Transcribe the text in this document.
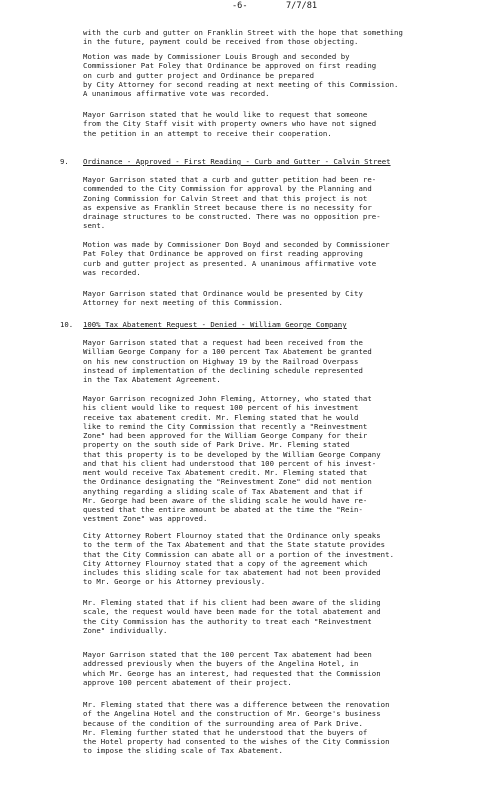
-6-	7/7/81
with the curb and gutter on Franklin Street with the hope that something
in the future, payment could be received from those objecting.
Motion was made by Commissioner Louis Brough and seconded by
Commissioner Pat Foley that Ordinance be approved on first reading
on curb and gutter project and Ordinance be prepared
by City Attorney for second reading at next meeting of this Commission.
A unanimous affirmative vote was recorded.
Mayor Garrison stated that he would like to request that someone
from the City Staff visit with property owners who have not signed
the petition in an attempt to receive their cooperation.
9. Ordinance - Approved - First Reading - Curb and Gutter - Calvin Street
Mayor Garrison stated that a curb and gutter petition had been re-
commended to the City Commission for approval by the Planning and
Zoning Commission for Calvin Street and that this project is not
as expensive as Franklin Street because there is no necessity for
drainage structures to be constructed. There was no opposition pre-
sent.
Motion was made by Commissioner Don Boyd and seconded by Commissioner
Pat Foley that Ordinance be approved on first reading approving
curb and gutter project as presented. A unanimous affirmative vote
was recorded.
Mayor Garrison stated that Ordinance would be presented by City
Attorney for next meeting of this Commission.
10. 100% Tax Abatement Request - Denied - William George Company
Mayor Garrison stated that a request had been received from the
William George Company for a 100 percent Tax Abatement be granted
on his new construction on Highway 19 by the Railroad Overpass
instead of implementation of the declining schedule represented
in the Tax Abatement Agreement.
Mayor Garrison recognized John Fleming, Attorney, who stated that
his client would like to request 100 percent of his investment
receive tax abatement credit. Mr. Fleming stated that he would
like to remind the City Commission that recently a "Reinvestment
Zone" had been approved for the William George Company for their
property on the south side of Park Drive. Mr. Fleming stated
that this property is to be developed by the William George Company
and that his client had understood that 100 percent of his invest-
ment would receive Tax Abatement credit. Mr. Fleming stated that
the Ordinance designating the "Reinvestment Zone" did not mention
anything regarding a sliding scale of Tax Abatement and that if
Mr. George had been aware of the sliding scale he would have re-
quested that the entire amount be abated at the time the "Rein-
vestment Zone" was approved.
City Attorney Robert Flournoy stated that the Ordinance only speaks
to the term of the Tax Abatement and that the State statute provides
that the City Commission can abate all or a portion of the investment.
City Attorney Flournoy stated that a copy of the agreement which
includes this sliding scale for tax abatement had not been provided
to Mr. George or his Attorney previously.
Mr. Fleming stated that if his client had been aware of the sliding
scale, the request would have been made for the total abatement and
the City Commission has the authority to treat each "Reinvestment
Zone" individually.
Mayor Garrison stated that the 100 percent Tax abatement had been
addressed previously when the buyers of the Angelina Hotel, in
which Mr. George has an interest, had requested that the Commission
approve 100 percent abatement of their project.
Mr. Fleming stated that there was a difference between the renovation
of the Angelina Hotel and the construction of Mr. George's business
because of the condition of the surrounding area of Park Drive.
Mr. Fleming further stated that he understood that the buyers of
the Hotel property had consented to the wishes of the City Commission
to impose the sliding scale of Tax Abatement.
